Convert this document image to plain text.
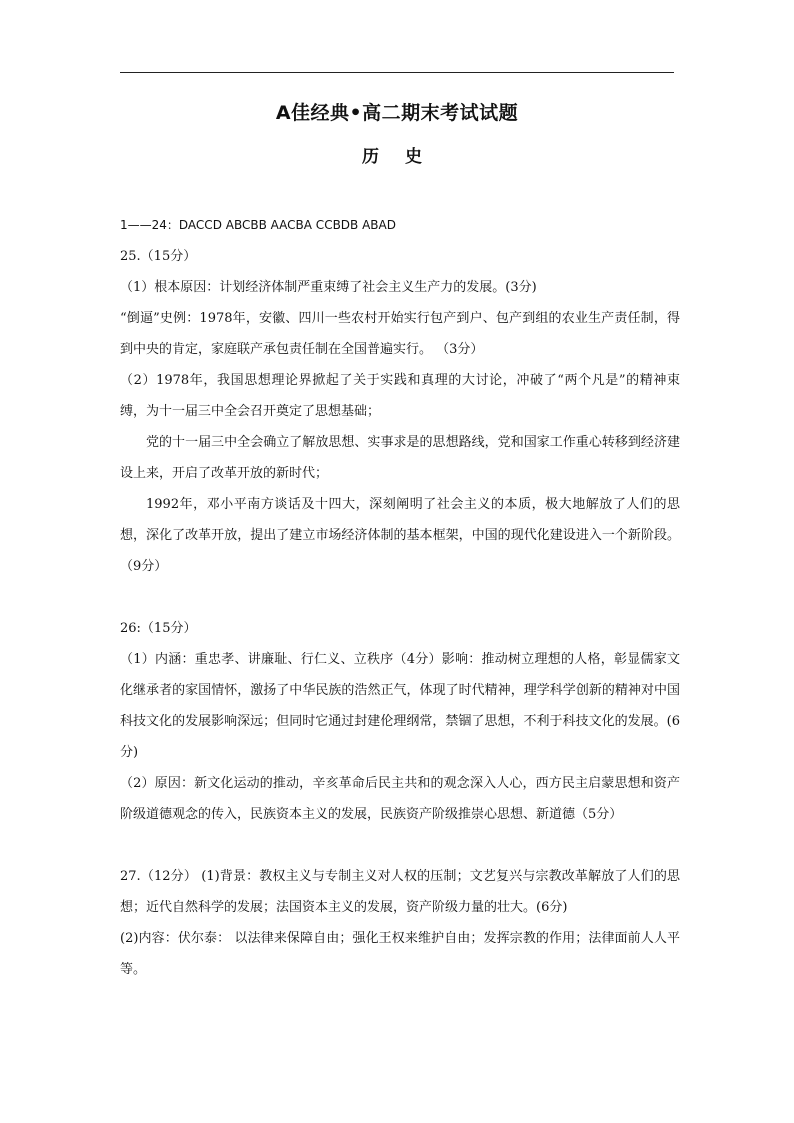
A佳经典•高二期末考试试题
历 史
1——24：DACCD ABCBB AACBA CCBDB ABAD
25.（15分）
（1）根本原因：计划经济体制严重束缚了社会主义生产力的发展。(3分)
“倒逼”史例：1978年，安徽、四川一些农村开始实行包产到户、包产到组的农业生产责任制，得到中央的肯定，家庭联产承包责任制在全国普遍实行。 （3分）
（2）1978年，我国思想理论界掀起了关于实践和真理的大讨论，冲破了“两个凡是”的精神束缚，为十一届三中全会召开奠定了思想基础；
党的十一届三中全会确立了解放思想、实事求是的思想路线，党和国家工作重心转移到经济建设上来，开启了改革开放的新时代；
1992年，邓小平南方谈话及十四大，深刻阐明了社会主义的本质，极大地解放了人们的思想，深化了改革开放，提出了建立市场经济体制的基本框架，中国的现代化建设进入一个新阶段。 （9分）
26:（15分）
（1）内涵：重忠孝、讲廉耻、行仁义、立秩序（4分）影响：推动树立理想的人格，彰显儒家文化继承者的家国情怀，激扬了中华民族的浩然正气，体现了时代精神，理学科学创新的精神对中国科技文化的发展影响深远；但同时它通过封建伦理纲常，禁锢了思想，不利于科技文化的发展。(6分)
（2）原因：新文化运动的推动，辛亥革命后民主共和的观念深入人心，西方民主启蒙思想和资产阶级道德观念的传入，民族资本主义的发展，民族资产阶级推崇心思想、新道德（5分）
27.（12分） (1)背景：教权主义与专制主义对人权的压制；文艺复兴与宗教改革解放了人们的思想；近代自然科学的发展；法国资本主义的发展，资产阶级力量的壮大。(6分)
(2)内容：伏尔泰： 以法律来保障自由；强化王权来维护自由；发挥宗教的作用；法律面前人人平等。
